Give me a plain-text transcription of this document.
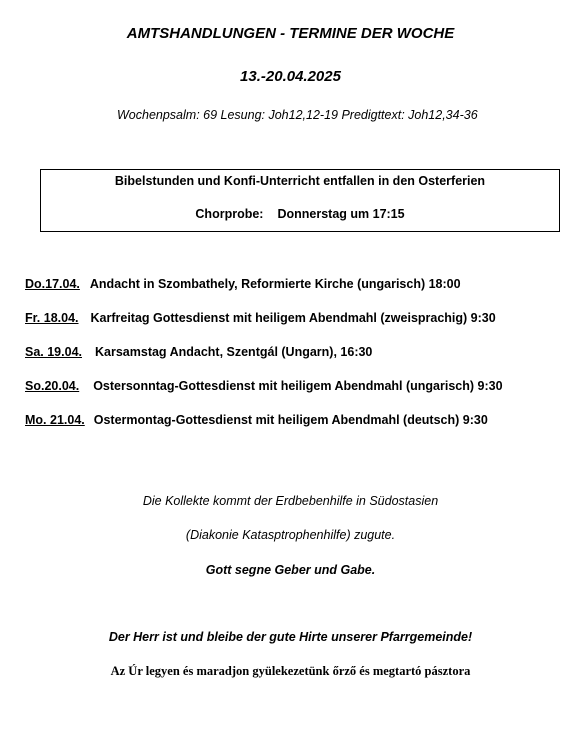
AMTSHANDLUNGEN - TERMINE DER WOCHE
13.-20.04.2025
Wochenpsalm: 69 Lesung: Joh12,12-19 Predigttext: Joh12,34-36
Bibelstunden und Konfi-Unterricht entfallen in den Osterferien
Chorprobe: Donnerstag um 17:15
Do.17.04. Andacht in Szombathely, Reformierte Kirche (ungarisch) 18:00
Fr. 18.04. Karfreitag Gottesdienst mit heiligem Abendmahl (zweisprachig) 9:30
Sa. 19.04. Karsamstag Andacht, Szentgál (Ungarn), 16:30
So.20.04. Ostersonntag-Gottesdienst mit heiligem Abendmahl (ungarisch) 9:30
Mo. 21.04. Ostermontag-Gottesdienst mit heiligem Abendmahl (deutsch) 9:30
Die Kollekte kommt der Erdbebenhilfe in Südostasien
(Diakonie Katasptrophenhilfe) zugute.
Gott segne Geber und Gabe.
Der Herr ist und bleibe der gute Hirte unserer Pfarrgemeinde!
Az Úr legyen és maradjon gyülekezetünk őrző és megtartó pásztora
